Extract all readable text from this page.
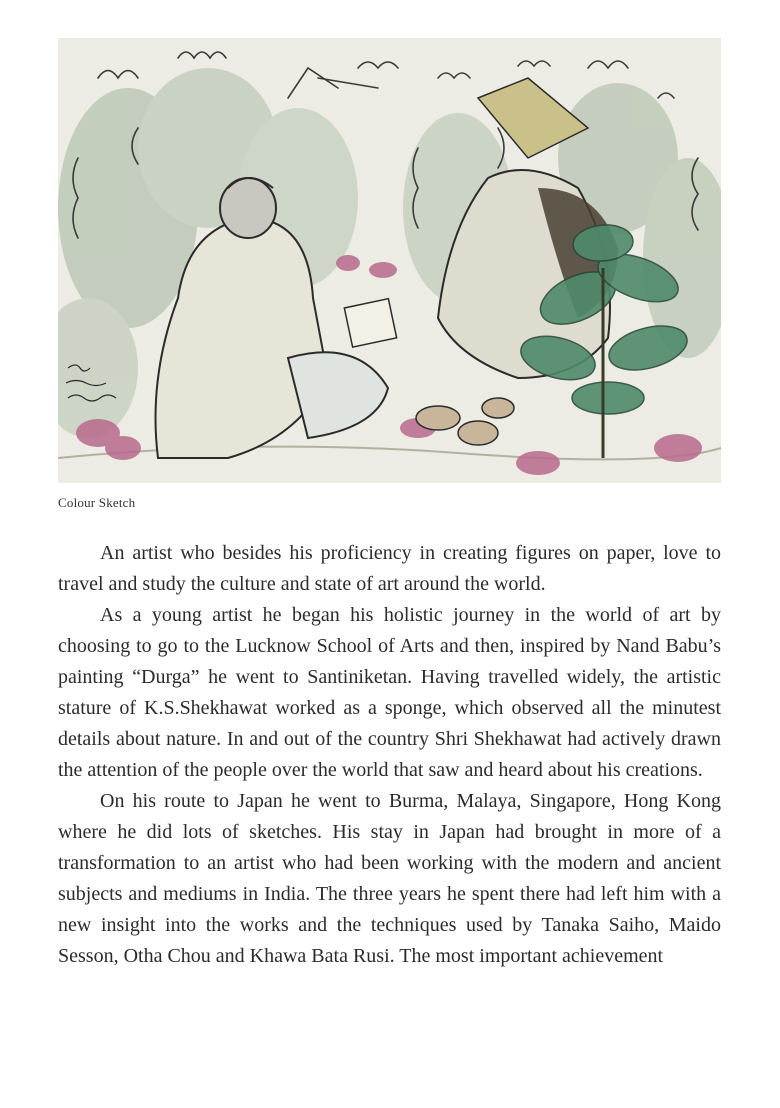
Colour Sketch

An artist who besides his proficiency in creating figures on paper, love to travel and study the culture and state of art around the world.

As a young artist he began his holistic journey in the world of art by choosing to go to the Lucknow School of Arts and then, inspired by Nand Babu’s painting “Durga” he went to Santiniketan. Having travelled widely, the artistic stature of K.S.Shekhawat worked as a sponge, which observed all the minutest details about nature. In and out of the country Shri Shekhawat had actively drawn the attention of the people over the world that saw and heard about his creations.

On his route to Japan he went to Burma, Malaya, Singapore, Hong Kong where he did lots of sketches. His stay in Japan had brought in more of a transformation to an artist who had been working with the modern and ancient subjects and mediums in India. The three years he spent there had left him with a new insight into the works and the techniques used by Tanaka Saiho, Maido Sesson, Otha Chou and Khawa Bata Rusi. The most important achievement
